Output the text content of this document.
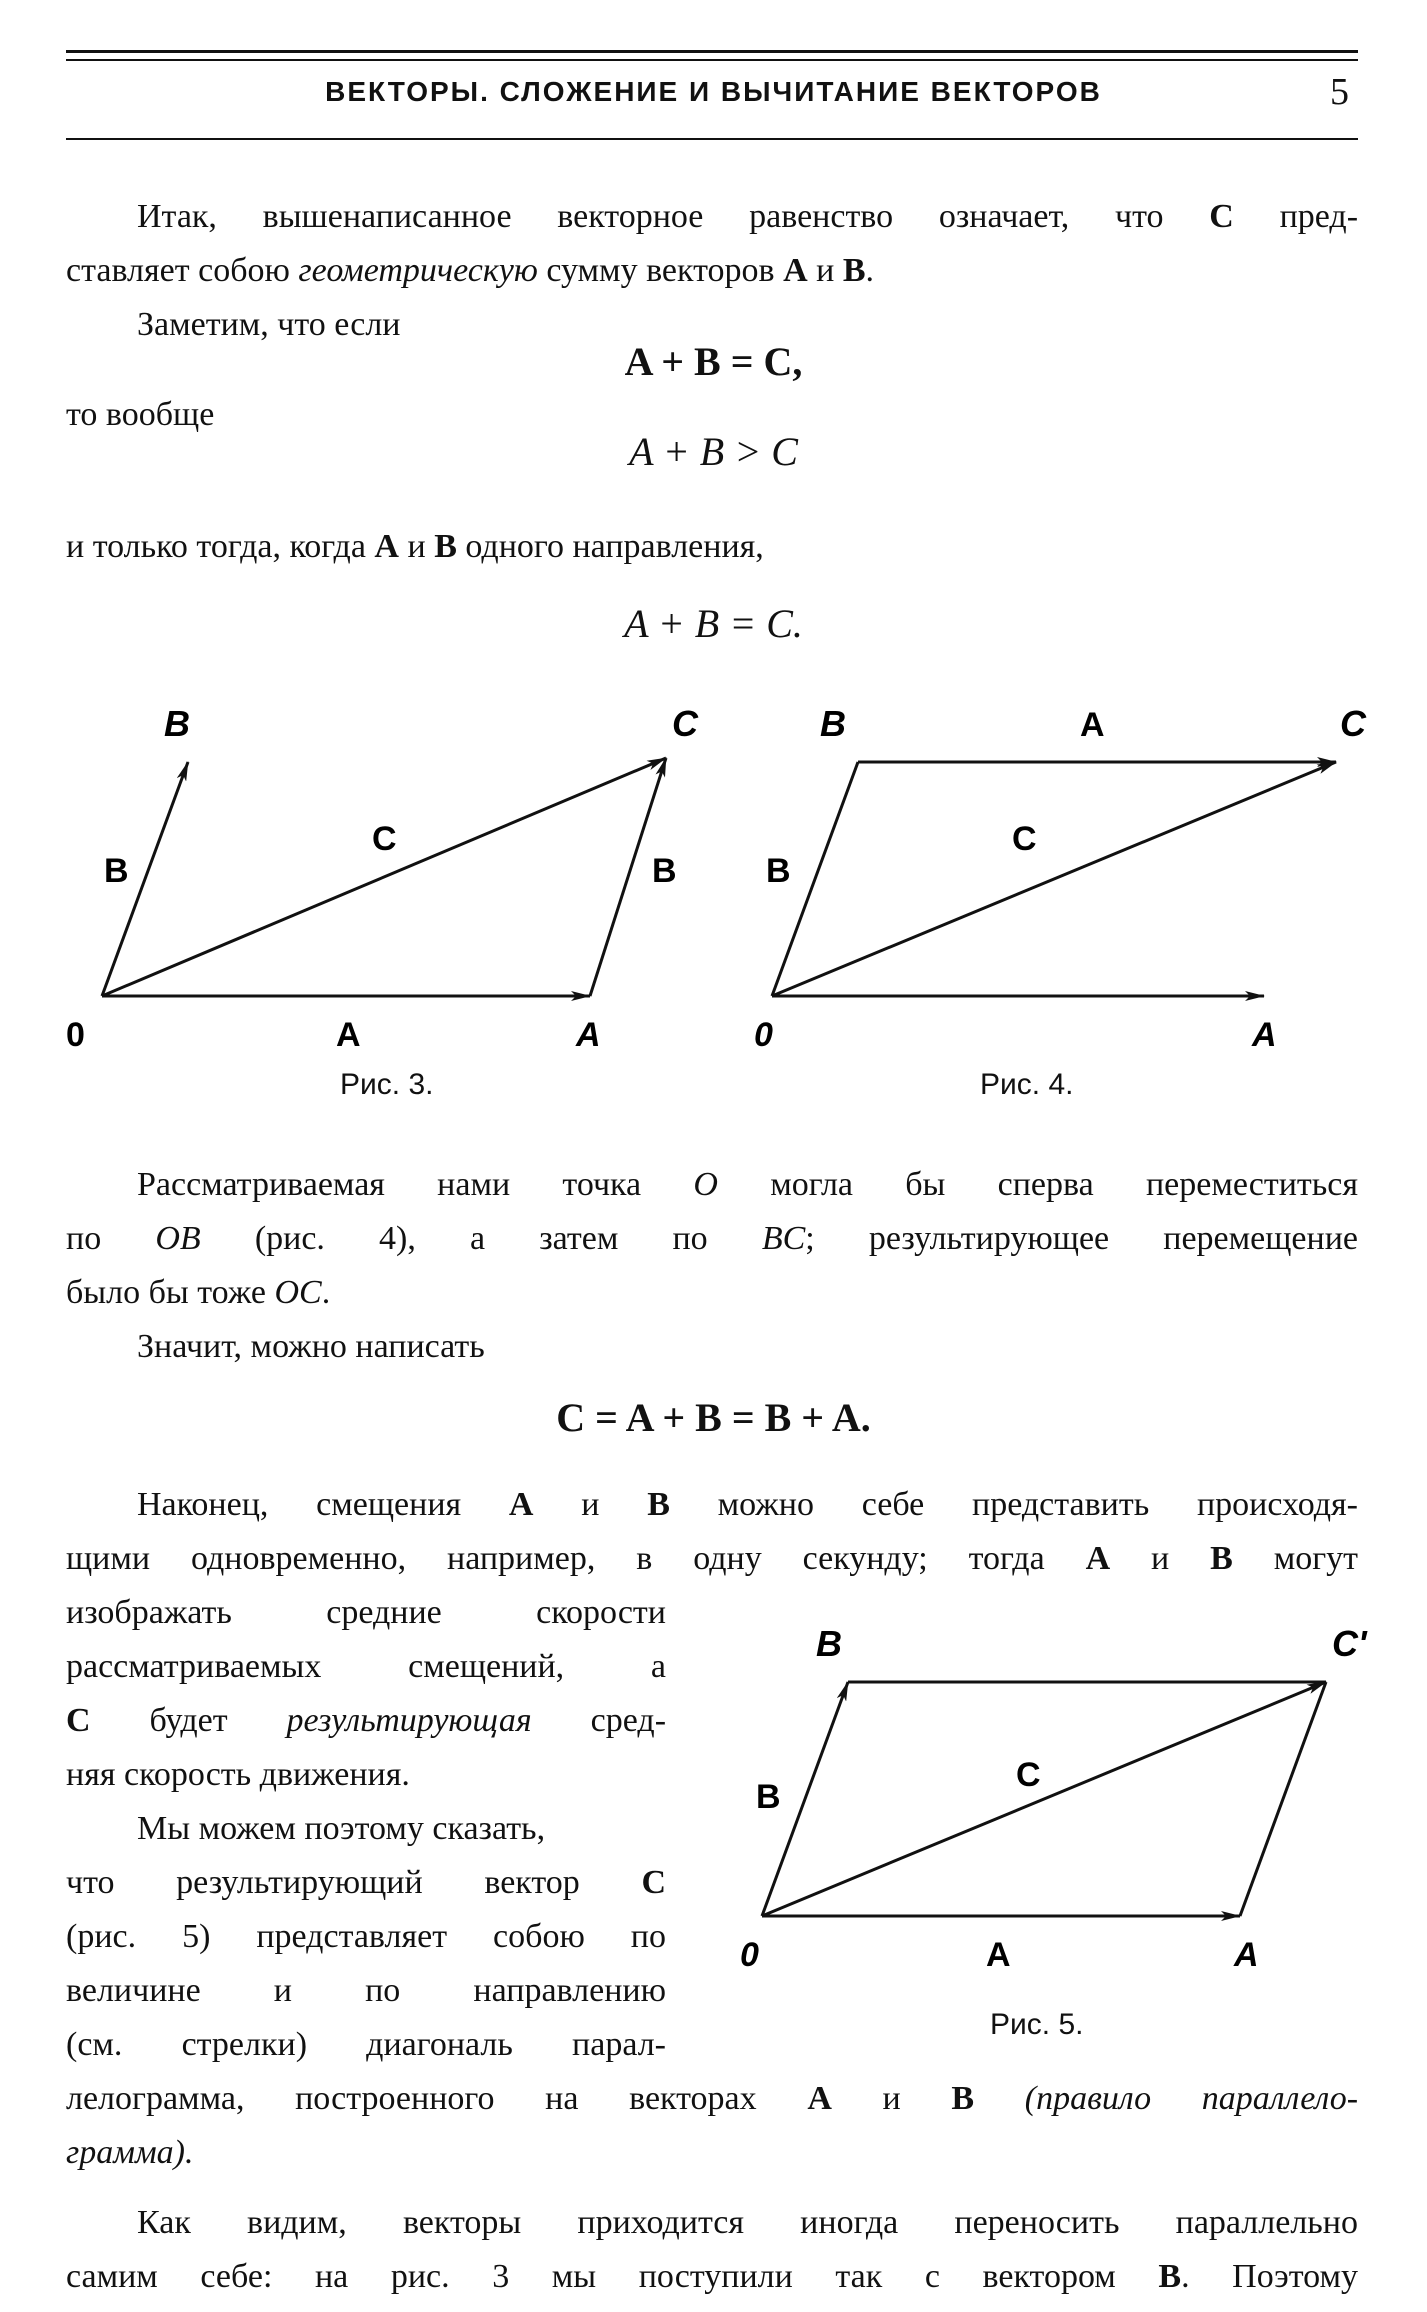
ВЕКТОРЫ. СЛОЖЕНИЕ И ВЫЧИТАНИЕ ВЕКТОРОВ	5
Итак, вышенаписанное векторное равенство означает, что C пред-
ставляет собою геометрическую сумму векторов A и B.
Заметим, что если
A + B = C,
то вообще
A + B > C
и только тогда, когда A и B одного направления,
A + B = C.
B	C
B
C
B
0	A	A
Рис. 3.
B	A	C
C
B
0	A
Рис. 4.
Рассматриваемая нами точка O могла бы сперва переместиться
по OB (рис. 4), а затем по BC; результирующее перемещение
было бы тоже OC.
Значит, можно написать
C = A + B = B + A.
Наконец, смещения A и B можно себе представить происходя-
щими одновременно, например, в одну секунду; тогда A и B могут
изображать средние скорости
рассматриваемых смещений, а
C будет результирующая сред-
няя скорость движения.
Мы можем поэтому сказать,
что результирующий вектор C
(рис. 5) представляет собою по
величине и по направлению
(см. стрелки) диагональ парал-
лелограмма, построенного на векторах A и B (правило параллело-
грамма).
B	C'
B
C
0	A	A
Рис. 5.
Как видим, векторы приходится иногда переносить параллельно
самим себе: на рис. 3 мы поступили так с вектором B. Поэтому
